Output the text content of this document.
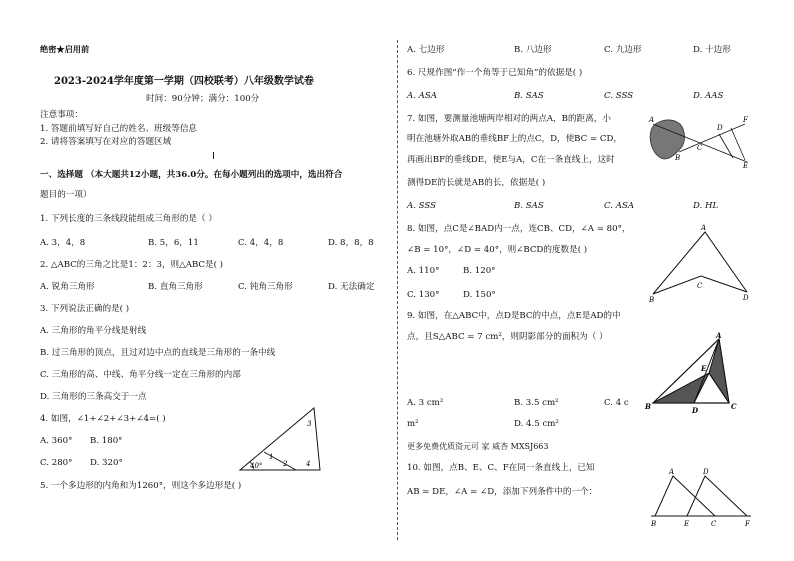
绝密★启用前
2023-2024学年度第一学期（四校联考）八年级数学试卷
时间：90分钟；满分：100分
注意事项：
1. 答题前填写好自己的姓名、班级等信息
2. 请将答案填写在对应的答题区域
I
一、选择题 （本大题共12小题，共36.0分。在每小题列出的选项中，选出符合
题目的一项）
1. 下列长度的三条线段能组成三角形的是（ ）
A. 3，4，8	B. 5，6，11	C. 4，4，8	D. 8，8，8
2. △ABC的三角之比是1：2：3，则△ABC是( )
A. 锐角三角形	B. 直角三角形	C. 钝角三角形	D. 无法确定
3. 下列说法正确的是( )
A. 三角形的角平分线是射线
B. 过三角形的顶点，且过对边中点的直线是三角形的一条中线
C. 三角形的高、中线、角平分线一定在三角形的内部
D. 三角形的三条高交于一点
4. 如图，∠1+∠2+∠3+∠4=( )
A. 360° B. 180°
C. 280° D. 320°	40°
1
2
3
4
5. 一个多边形的内角和为1260°，则这个多边形是( )
A. 七边形	B. 八边形	C. 九边形	D. 十边形
6. 尺规作图“作一个角等于已知角”的依据是( )
A. ASA	B. SAS	C. SSS	D. AAS
7. 如图，要测量池塘两岸相对的两点A，B的距离，小
明在池塘外取AB的垂线BF上的点C，D，使BC = CD，
再画出BF的垂线DE，使E与A，C在一条直线上，这时
测得DE的长就是AB的长，依据是( )
A. SSS	B. SAS	C. ASA	D. HL
A
B
C
D
E
F
8. 如图，点C是∠BAD内一点，连CB、CD，∠A = 80°，
∠B = 10°，∠D = 40°，则∠BCD的度数是( )
A. 110°	B. 120°
C. 130°	D. 150°
A
B
C
D
9. 如图，在△ABC中，点D是BC的中点，点E是AD的中
点，且S△ABC = 7 cm²，则阴影部分的面积为（ ）
A. 3 cm²	B. 3.5 cm²	C. 4 c
m²	D. 4.5 cm²
A
B	C
D
E
更多免费优质资元可 家 威杏 MXSJ663
10. 如图，点B、E、C、F在同一条直线上，已知
AB = DE，∠A = ∠D，添加下列条件中的一个：
A
B	C
D
E	F
